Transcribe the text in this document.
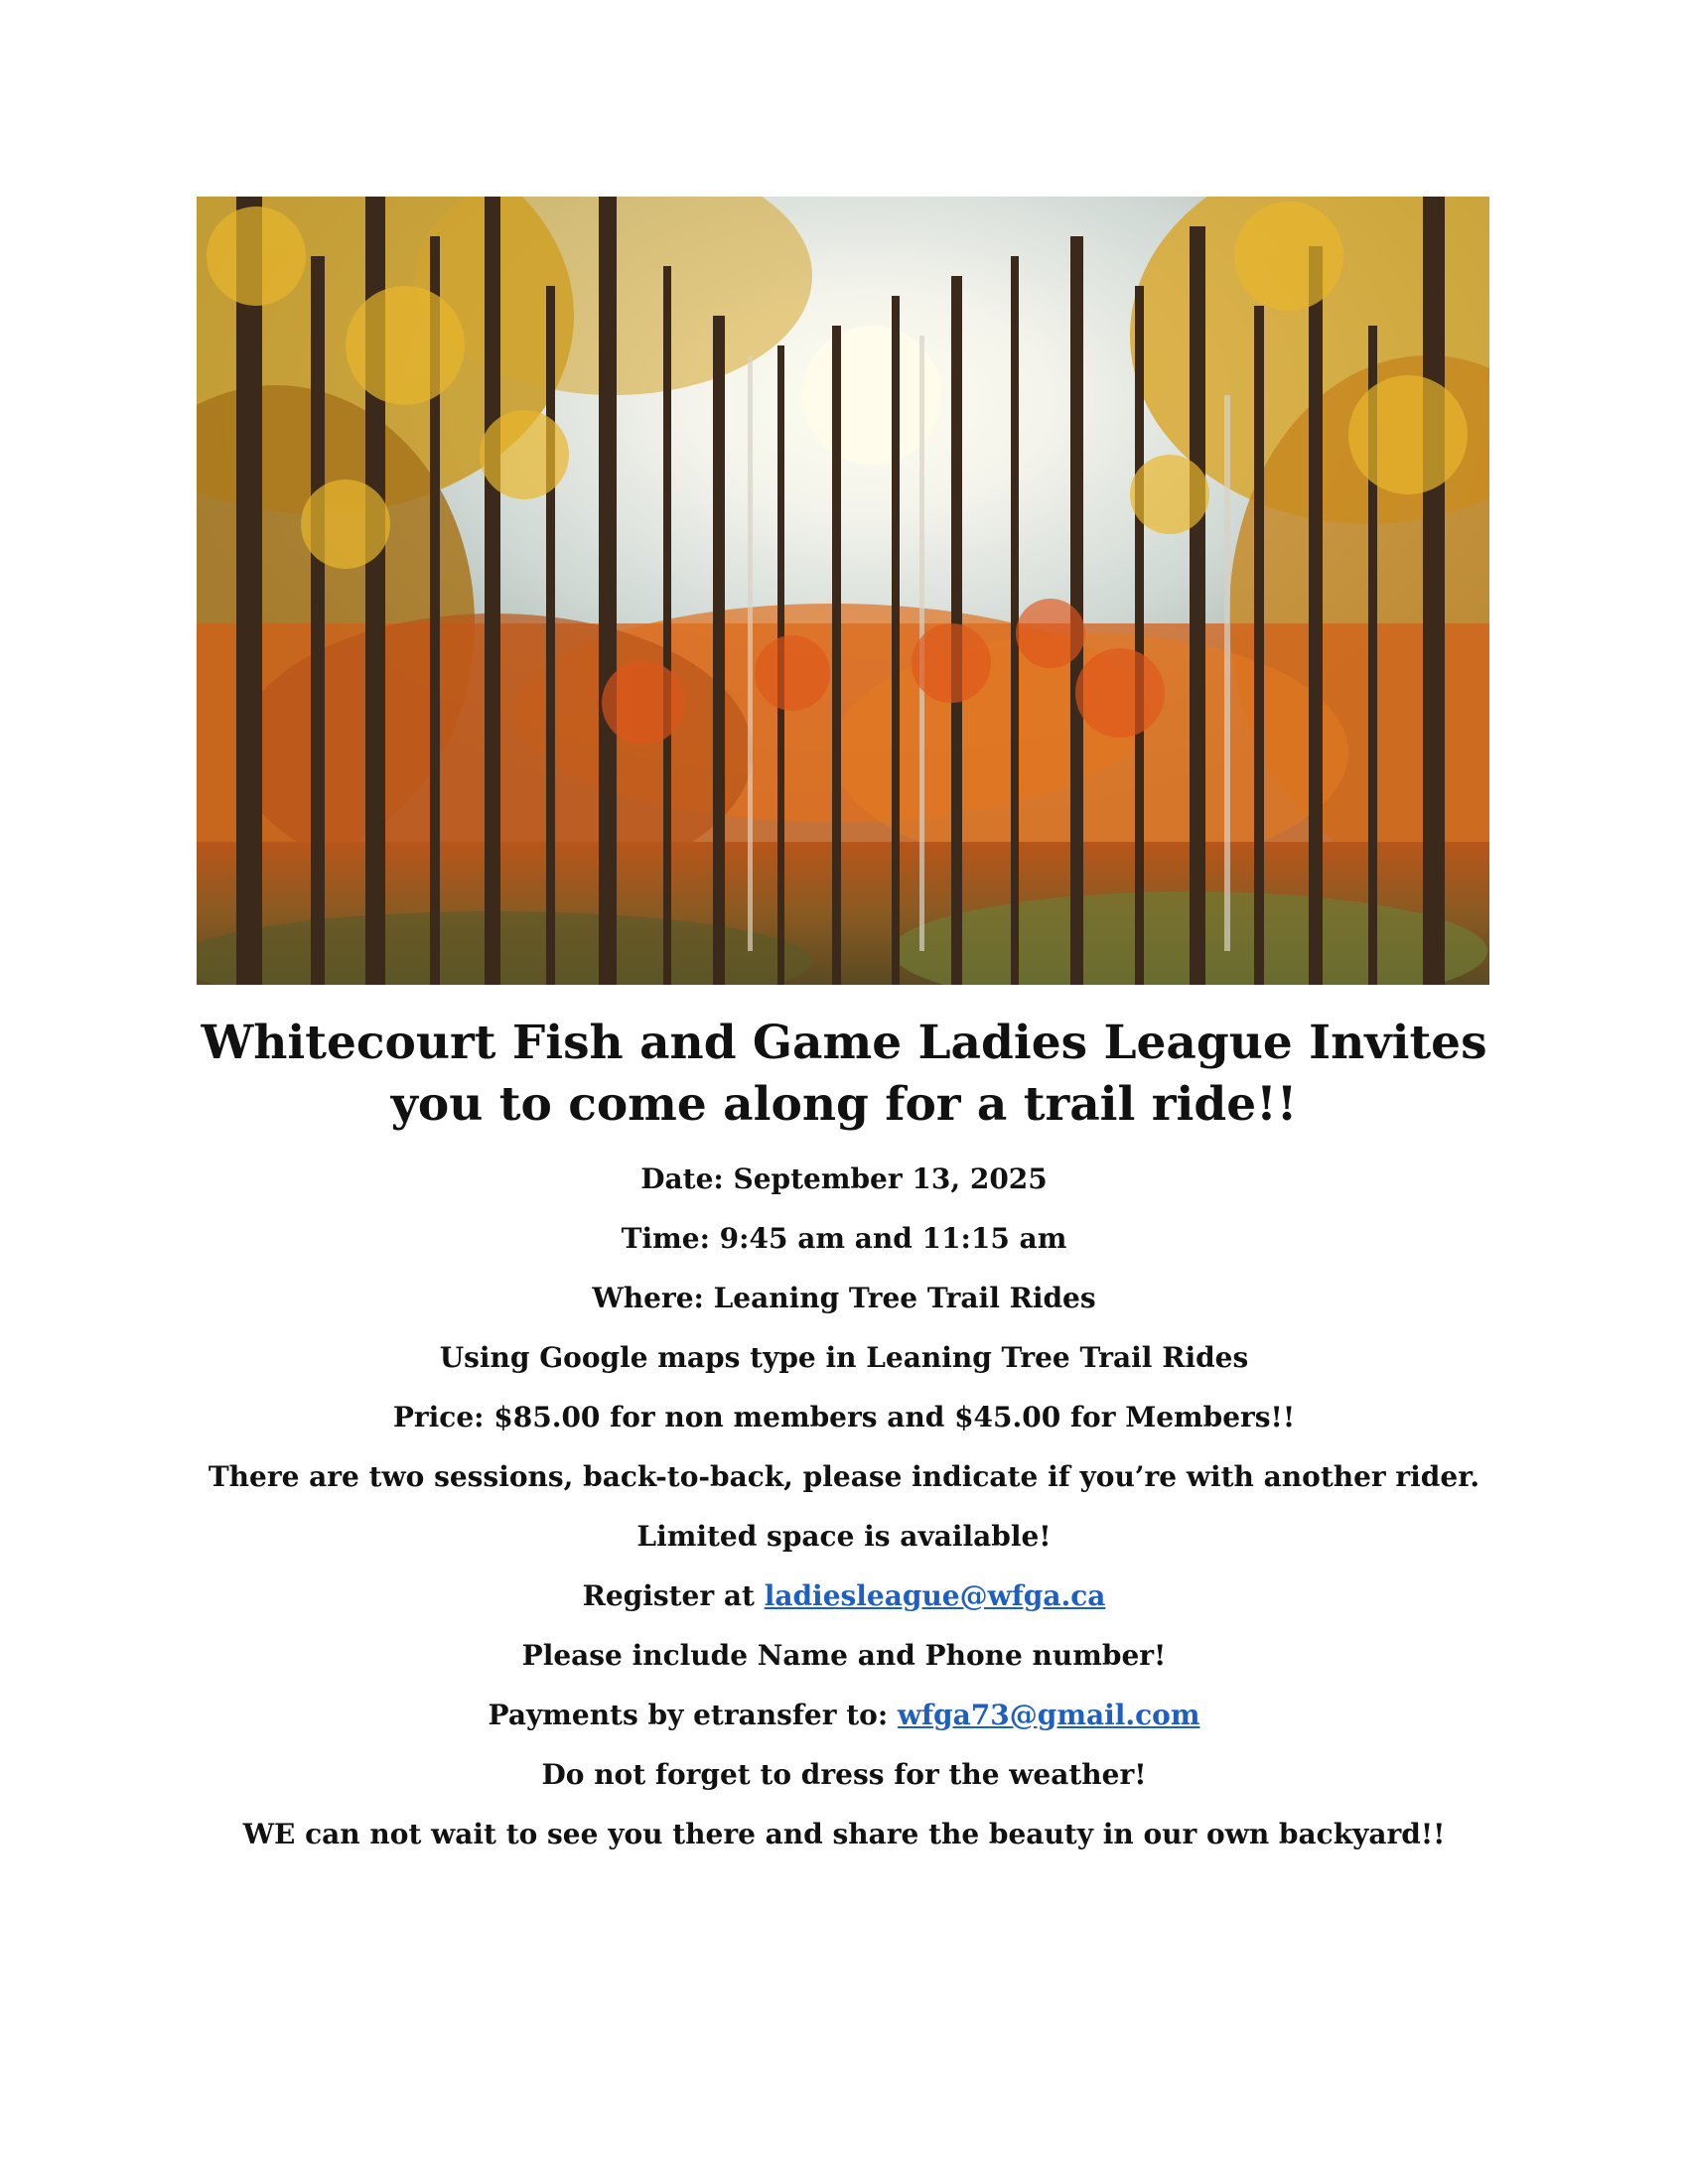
Whitecourt Fish and Game Ladies League Invites
you to come along for a trail ride!!
Date: September 13, 2025
Time: 9:45 am and 11:15 am
Where: Leaning Tree Trail Rides
Using Google maps type in Leaning Tree Trail Rides
Price: $85.00 for non members and $45.00 for Members!!
There are two sessions, back-to-back, please indicate if you’re with another rider.
Limited space is available!
Register at ladiesleague@wfga.ca
Please include Name and Phone number!
Payments by etransfer to: wfga73@gmail.com
Do not forget to dress for the weather!
WE can not wait to see you there and share the beauty in our own backyard!!
